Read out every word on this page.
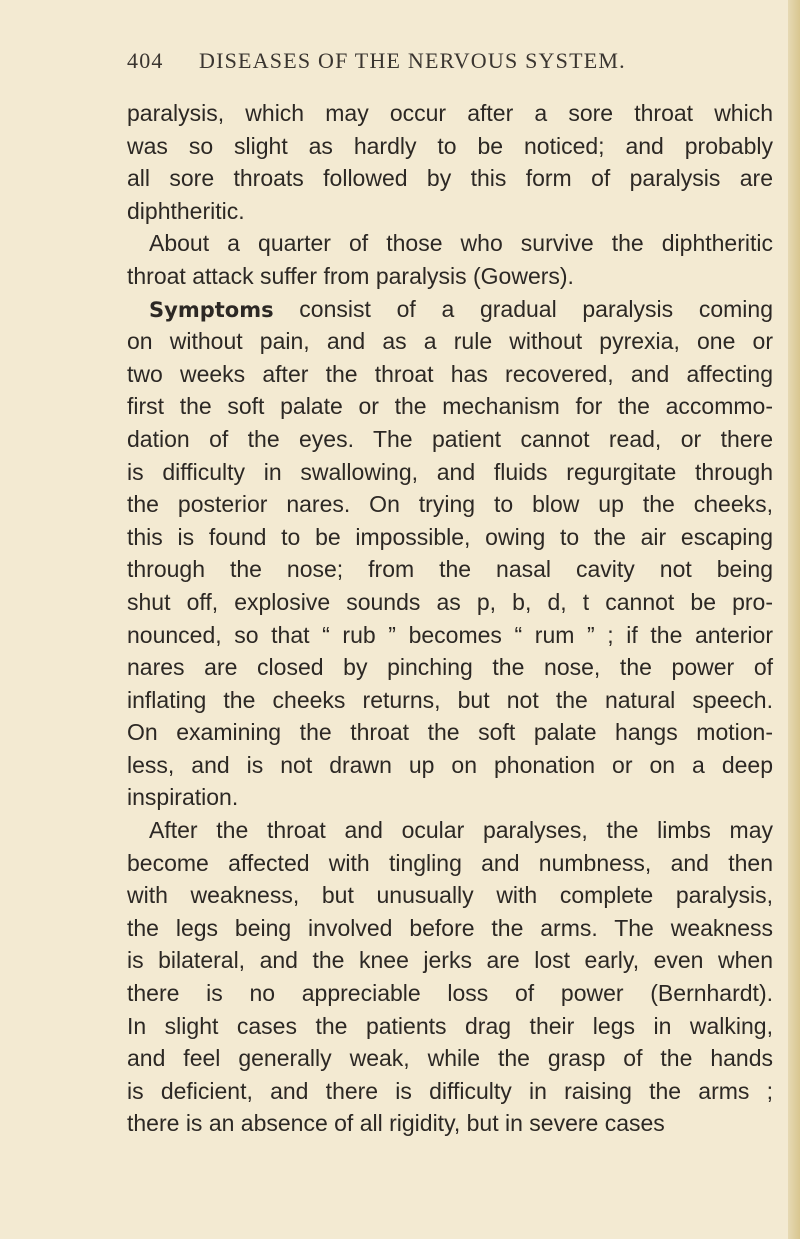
404 DISEASES OF THE NERVOUS SYSTEM.
paralysis, which may occur after a sore throat which
was so slight as hardly to be noticed; and probably
all sore throats followed by this form of paralysis are
diphtheritic.
About a quarter of those who survive the diphtheritic
throat attack suffer from paralysis (Gowers).
Symptoms consist of a gradual paralysis coming
on without pain, and as a rule without pyrexia, one or
two weeks after the throat has recovered, and affecting
first the soft palate or the mechanism for the accommo-
dation of the eyes. The patient cannot read, or there
is difficulty in swallowing, and fluids regurgitate through
the posterior nares. On trying to blow up the cheeks,
this is found to be impossible, owing to the air escaping
through the nose; from the nasal cavity not being
shut off, explosive sounds as p, b, d, t cannot be pro-
nounced, so that “ rub ” becomes “ rum ” ; if the anterior
nares are closed by pinching the nose, the power of
inflating the cheeks returns, but not the natural speech.
On examining the throat the soft palate hangs motion-
less, and is not drawn up on phonation or on a deep
inspiration.
After the throat and ocular paralyses, the limbs may
become affected with tingling and numbness, and then
with weakness, but unusually with complete paralysis,
the legs being involved before the arms. The weakness
is bilateral, and the knee jerks are lost early, even when
there is no appreciable loss of power (Bernhardt).
In slight cases the patients drag their legs in walking,
and feel generally weak, while the grasp of the hands
is deficient, and there is difficulty in raising the arms ;
there is an absence of all rigidity, but in severe cases
